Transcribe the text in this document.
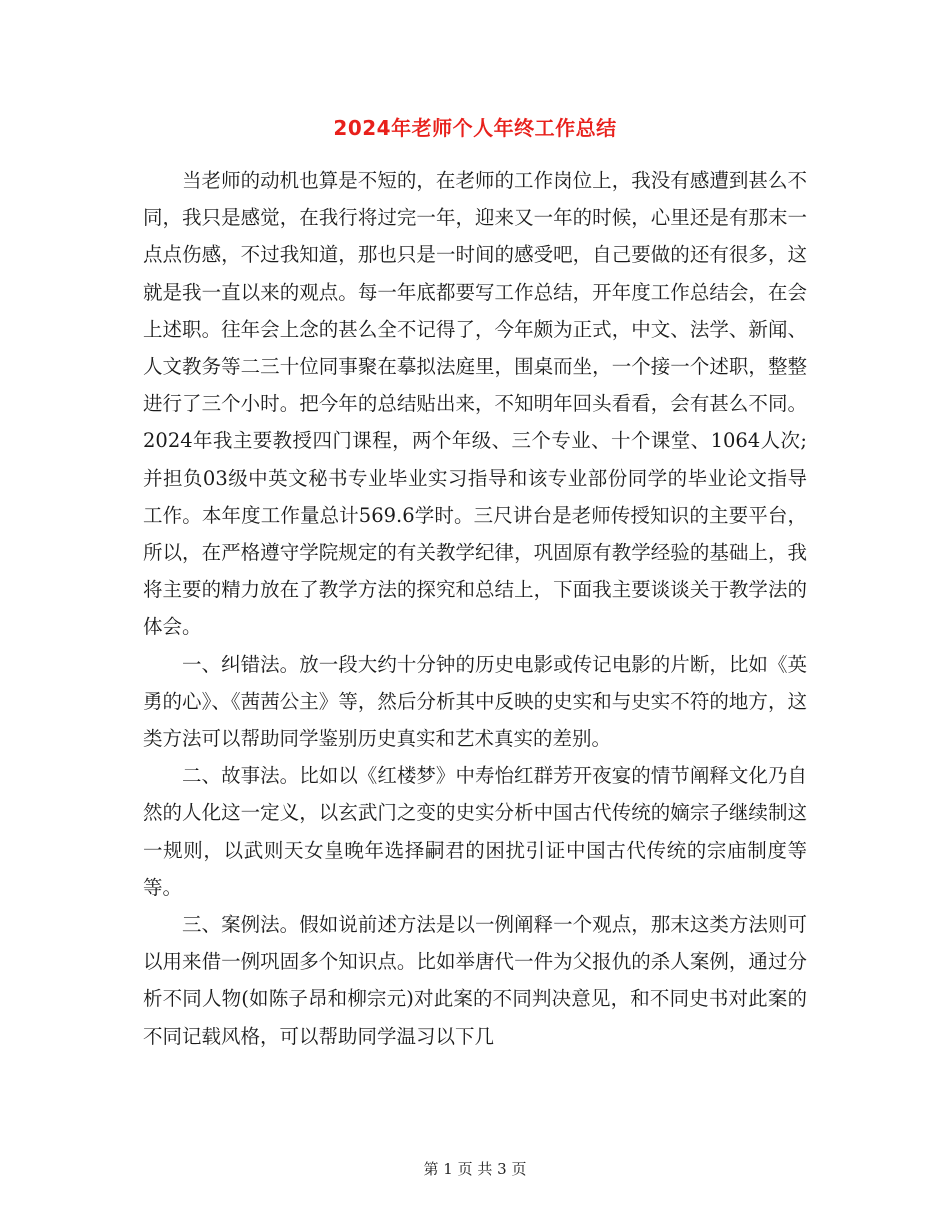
2024年老师个人年终工作总结

当老师的动机也算是不短的，在老师的工作岗位上，我没有感遭到甚么不同，我只是感觉，在我行将过完一年，迎来又一年的时候，心里还是有那末一点点伤感，不过我知道，那也只是一时间的感受吧，自己要做的还有很多，这就是我一直以来的观点。每一年底都要写工作总结，开年度工作总结会，在会上述职。往年会上念的甚么全不记得了，今年颇为正式，中文、法学、新闻、人文教务等二三十位同事聚在摹拟法庭里，围桌而坐，一个接一个述职，整整进行了三个小时。把今年的总结贴出来，不知明年回头看看，会有甚么不同。2024年我主要教授四门课程，两个年级、三个专业、十个课堂、1064人次;并担负03级中英文秘书专业毕业实习指导和该专业部份同学的毕业论文指导工作。本年度工作量总计569.6学时。三尺讲台是老师传授知识的主要平台，所以，在严格遵守学院规定的有关教学纪律，巩固原有教学经验的基础上，我将主要的精力放在了教学方法的探究和总结上，下面我主要谈谈关于教学法的体会。

一、纠错法。放一段大约十分钟的历史电影或传记电影的片断，比如《英勇的心》、《茜茜公主》等，然后分析其中反映的史实和与史实不符的地方，这类方法可以帮助同学鉴别历史真实和艺术真实的差别。

二、故事法。比如以《红楼梦》中寿怡红群芳开夜宴的情节阐释文化乃自然的人化这一定义，以玄武门之变的史实分析中国古代传统的嫡宗子继续制这一规则，以武则天女皇晚年选择嗣君的困扰引证中国古代传统的宗庙制度等等。

三、案例法。假如说前述方法是以一例阐释一个观点，那末这类方法则可以用来借一例巩固多个知识点。比如举唐代一件为父报仇的杀人案例，通过分析不同人物(如陈子昂和柳宗元)对此案的不同判决意见，和不同史书对此案的不同记载风格，可以帮助同学温习以下几

第 1 页 共 3 页
